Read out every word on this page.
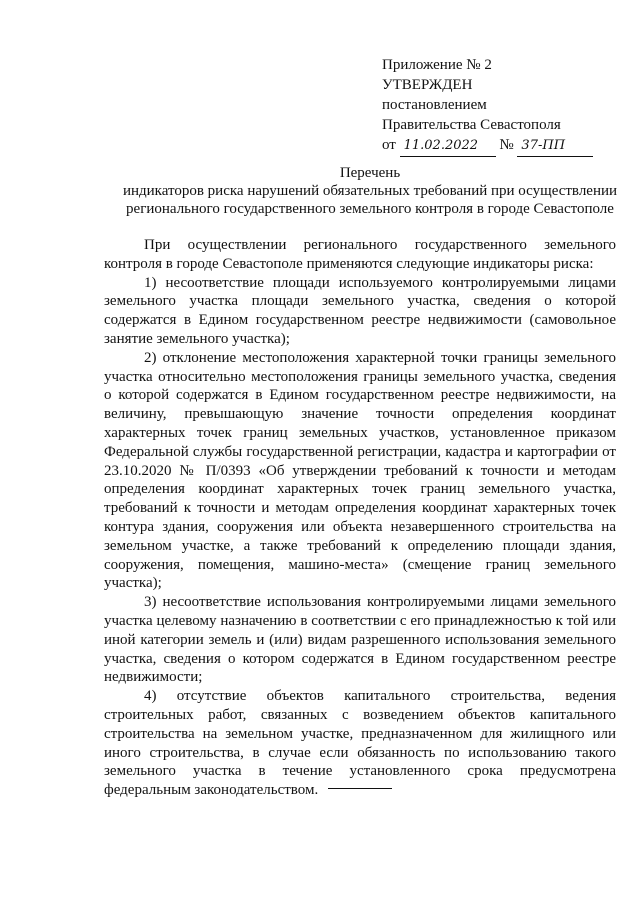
Приложение № 2
УТВЕРЖДЕН
постановлением
Правительства Севастополя
от 11.02.2022 № 37-ПП
Перечень
индикаторов риска нарушений обязательных требований при осуществлении
регионального государственного земельного контроля в городе Севастополе

При осуществлении регионального государственного земельного контроля в городе Севастополе применяются следующие индикаторы риска:

1) несоответствие площади используемого контролируемыми лицами земельного участка площади земельного участка, сведения о которой содержатся в Едином государственном реестре недвижимости (самовольное занятие земельного участка);

2) отклонение местоположения характерной точки границы земельного участка относительно местоположения границы земельного участка, сведения о которой содержатся в Едином государственном реестре недвижимости, на величину, превышающую значение точности определения координат характерных точек границ земельных участков, установленное приказом Федеральной службы государственной регистрации, кадастра и картографии от 23.10.2020 № П/0393 «Об утверждении требований к точности и методам определения координат характерных точек границ земельного участка, требований к точности и методам определения координат характерных точек контура здания, сооружения или объекта незавершенного строительства на земельном участке, а также требований к определению площади здания, сооружения, помещения, машино-места» (смещение границ земельного участка);

3) несоответствие использования контролируемыми лицами земельного участка целевому назначению в соответствии с его принадлежностью к той или иной категории земель и (или) видам разрешенного использования земельного участка, сведения о котором содержатся в Едином государственном реестре недвижимости;

4) отсутствие объектов капитального строительства, ведения строительных работ, связанных с возведением объектов капитального строительства на земельном участке, предназначенном для жилищного или иного строительства, в случае если обязанность по использованию такого земельного участка в течение установленного срока предусмотрена федеральным законодательством.
